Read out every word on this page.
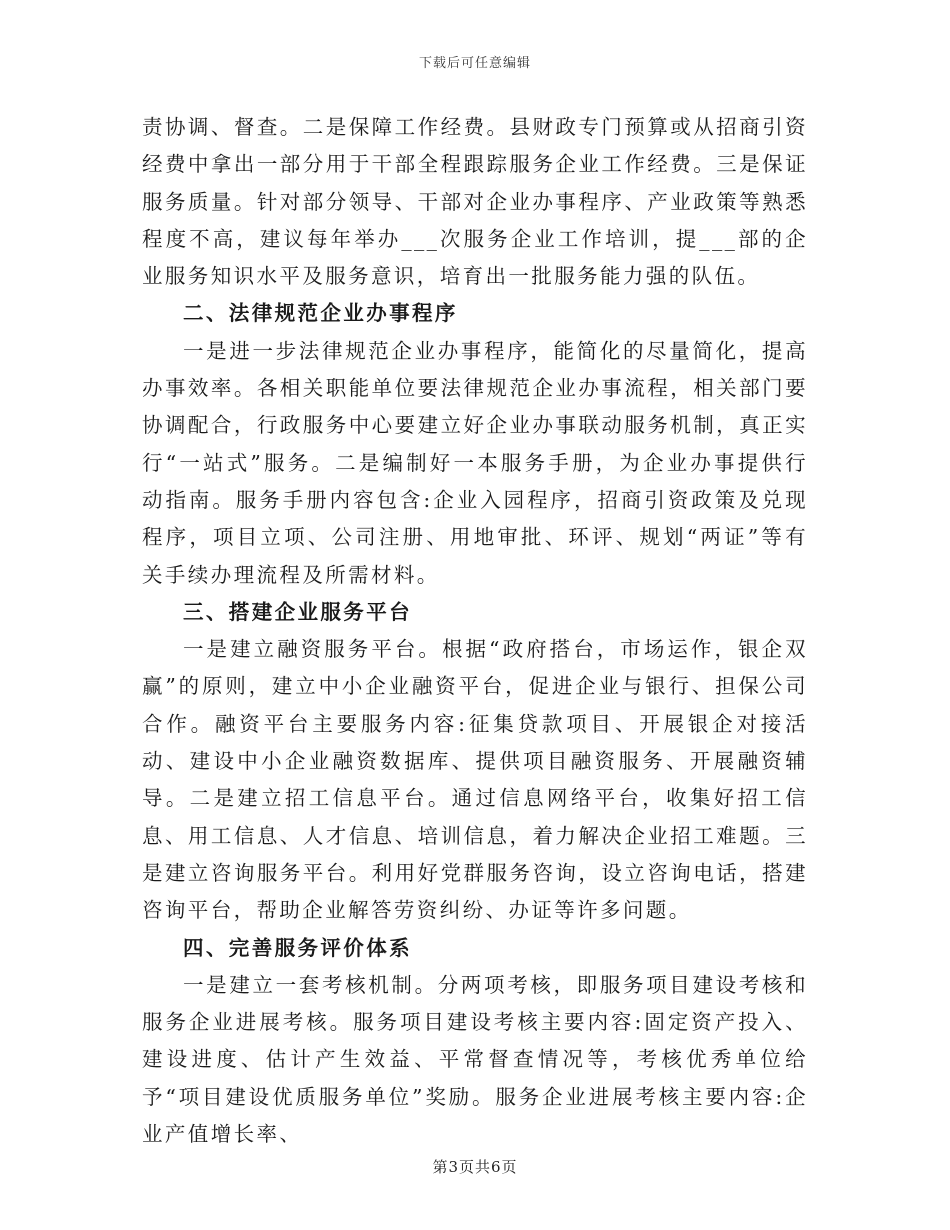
下载后可任意编辑

责协调、督查。二是保障工作经费。县财政专门预算或从招商引资经费中拿出一部分用于干部全程跟踪服务企业工作经费。三是保证服务质量。针对部分领导、干部对企业办事程序、产业政策等熟悉程度不高，建议每年举办___次服务企业工作培训，提___部的企业服务知识水平及服务意识，培育出一批服务能力强的队伍。

二、法律规范企业办事程序

一是进一步法律规范企业办事程序，能简化的尽量简化，提高办事效率。各相关职能单位要法律规范企业办事流程，相关部门要协调配合，行政服务中心要建立好企业办事联动服务机制，真正实行“一站式”服务。二是编制好一本服务手册，为企业办事提供行动指南。服务手册内容包含:企业入园程序，招商引资政策及兑现程序，项目立项、公司注册、用地审批、环评、规划“两证”等有关手续办理流程及所需材料。

三、搭建企业服务平台

一是建立融资服务平台。根据“政府搭台，市场运作，银企双赢”的原则，建立中小企业融资平台，促进企业与银行、担保公司合作。融资平台主要服务内容:征集贷款项目、开展银企对接活动、建设中小企业融资数据库、提供项目融资服务、开展融资辅导。二是建立招工信息平台。通过信息网络平台，收集好招工信息、用工信息、人才信息、培训信息，着力解决企业招工难题。三是建立咨询服务平台。利用好党群服务咨询，设立咨询电话，搭建咨询平台，帮助企业解答劳资纠纷、办证等许多问题。

四、完善服务评价体系

一是建立一套考核机制。分两项考核，即服务项目建设考核和服务企业进展考核。服务项目建设考核主要内容:固定资产投入、建设进度、估计产生效益、平常督查情况等，考核优秀单位给予“项目建设优质服务单位”奖励。服务企业进展考核主要内容:企业产值增长率、

第3页共6页
